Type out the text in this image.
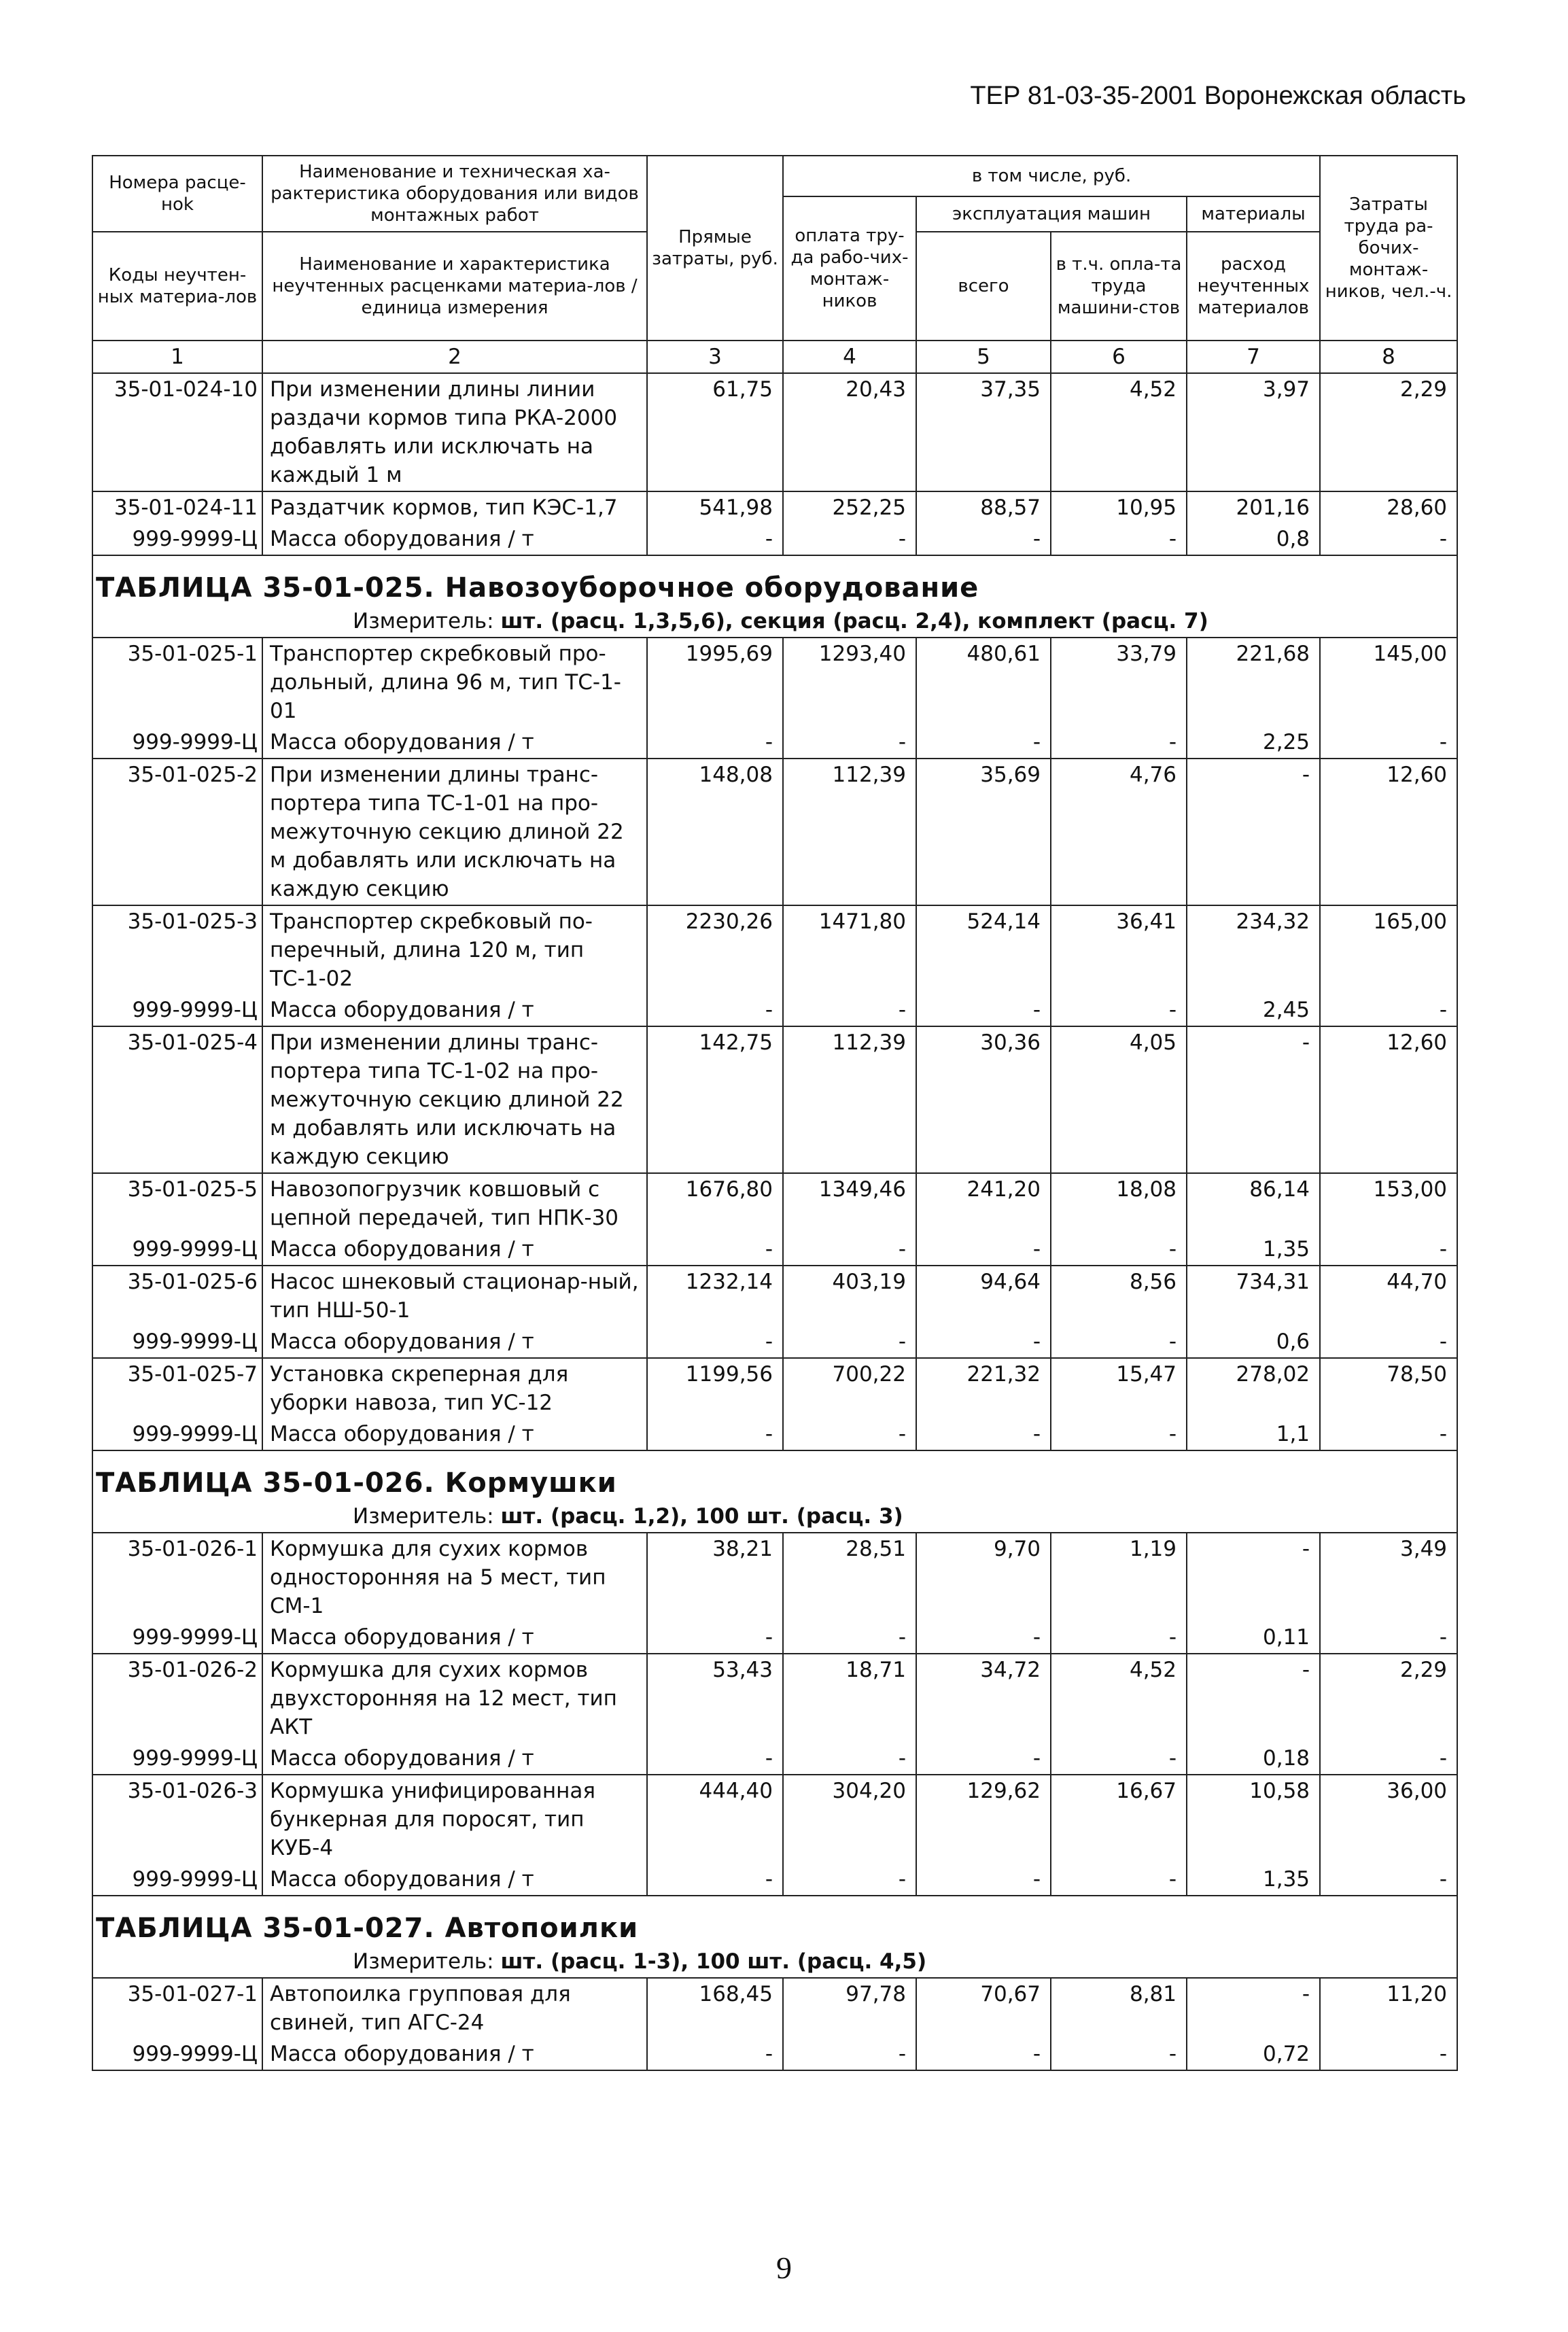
ТЕР 81-03-35-2001 Воронежская область
Номера расце-ноk	Наименование и техническая ха-рактеристика оборудования или видов монтажных работ	Прямые затраты, руб.	в том числе, руб.				Затраты труда ра-бочих-монтаж-ников, чел.-ч.
			оплата тру-да рабо-чих-монтаж-ников	эксплуатация машин		материалы	
Коды неучтен-ных материа-лов	Наименование и характеристика неучтенных расценками материа-лов / единица измерения			всего	в т.ч. опла-та труда машини-стов	расход неучтенных материалов	

1	2	3	4	5	6	7	8
35-01-024-10	При изменении длины линии раздачи кормов типа РКА-2000 добавлять или исключать на каждый 1 м	61,75	20,43	37,35	4,52	3,97	2,29
35-01-024-11	Раздатчик кормов, тип КЭС-1,7	541,98	252,25	88,57	10,95	201,16	28,60
999-9999-Ц	Масса оборудования / т	-	-	-	-	0,8	-
ТАБЛИЦА 35-01-025. Навозоуборочное оборудование							
Измеритель: шт. (расц. 1,3,5,6), секция (расц. 2,4), комплект (расц. 7)							
35-01-025-1	Транспортер скребковый про-дольный, длина 96 м, тип ТС-1-01	1995,69	1293,40	480,61	33,79	221,68	145,00
999-9999-Ц	Масса оборудования / т	-	-	-	-	2,25	-
35-01-025-2	При изменении длины транс-портера типа ТС-1-01 на про-межуточную секцию длиной 22 м добавлять или исключать на каждую секцию	148,08	112,39	35,69	4,76	-	12,60
35-01-025-3	Транспортер скребковый по-перечный, длина 120 м, тип ТС-1-02	2230,26	1471,80	524,14	36,41	234,32	165,00
999-9999-Ц	Масса оборудования / т	-	-	-	-	2,45	-
35-01-025-4	При изменении длины транс-портера типа ТС-1-02 на про-межуточную секцию длиной 22 м добавлять или исключать на каждую секцию	142,75	112,39	30,36	4,05	-	12,60
35-01-025-5	Навозопогрузчик ковшовый с цепной передачей, тип НПК-30	1676,80	1349,46	241,20	18,08	86,14	153,00
999-9999-Ц	Масса оборудования / т	-	-	-	-	1,35	-
35-01-025-6	Насос шнековый стационар-ный, тип НШ-50-1	1232,14	403,19	94,64	8,56	734,31	44,70
999-9999-Ц	Масса оборудования / т	-	-	-	-	0,6	-
35-01-025-7	Установка скреперная для уборки навоза, тип УС-12	1199,56	700,22	221,32	15,47	278,02	78,50
999-9999-Ц	Масса оборудования / т	-	-	-	-	1,1	-
ТАБЛИЦА 35-01-026. Кормушки							
Измеритель: шт. (расц. 1,2), 100 шт. (расц. 3)							
35-01-026-1	Кормушка для сухих кормов односторонняя на 5 мест, тип СМ-1	38,21	28,51	9,70	1,19	-	3,49
999-9999-Ц	Масса оборудования / т	-	-	-	-	0,11	-
35-01-026-2	Кормушка для сухих кормов двухсторонняя на 12 мест, тип АКТ	53,43	18,71	34,72	4,52	-	2,29
999-9999-Ц	Масса оборудования / т	-	-	-	-	0,18	-
35-01-026-3	Кормушка унифицированная бункерная для поросят, тип КУБ-4	444,40	304,20	129,62	16,67	10,58	36,00
999-9999-Ц	Масса оборудования / т	-	-	-	-	1,35	-
ТАБЛИЦА 35-01-027. Автопоилки							
Измеритель: шт. (расц. 1-3), 100 шт. (расц. 4,5)							
35-01-027-1	Автопоилка групповая для свиней, тип АГС-24	168,45	97,78	70,67	8,81	-	11,20
999-9999-Ц	Масса оборудования / т	-	-	-	-	0,72	-
9
